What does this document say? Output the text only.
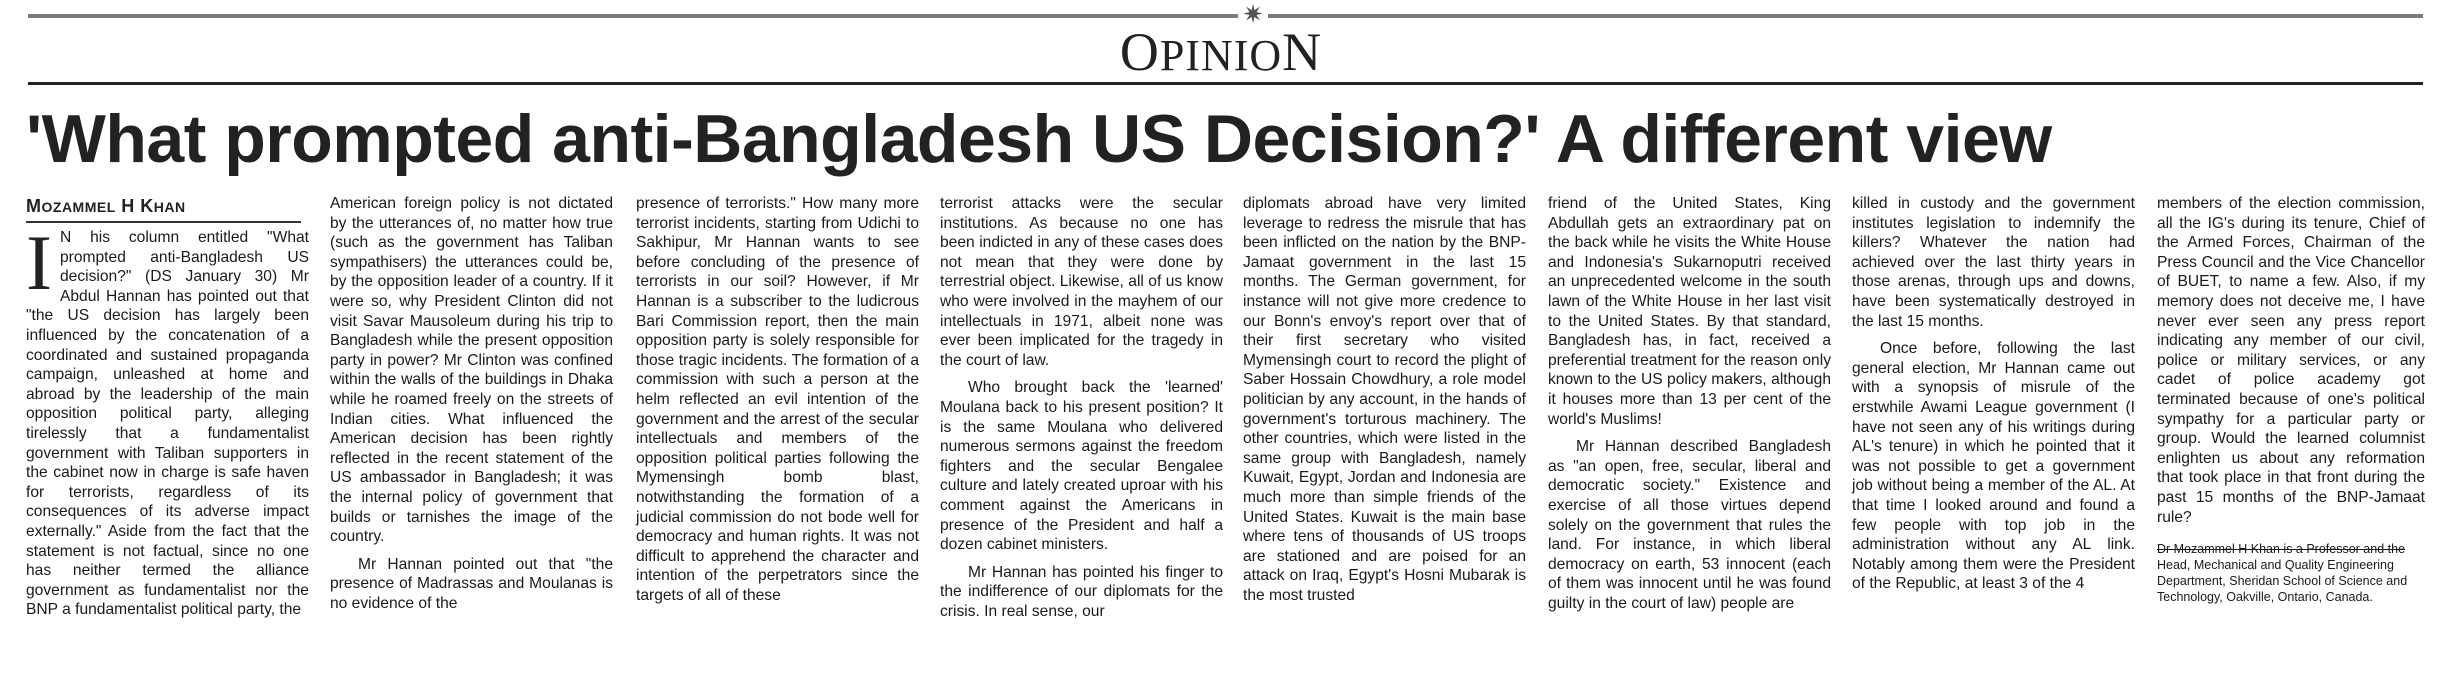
✷
OPINION
'What prompted anti-Bangladesh US Decision?' A different view
MOZAMMEL H KHAN

I N his column entitled "What prompted anti-Bangladesh US decision?" (DS January 30) Mr Abdul Hannan has pointed out that "the US decision has largely been influenced by the concatenation of a coordinated and sustained propaganda campaign, unleashed at home and abroad by the leadership of the main opposition political party, alleging tirelessly that a fundamentalist government with Taliban supporters in the cabinet now in charge is safe haven for terrorists, regardless of its consequences of its adverse impact externally." Aside from the fact that the statement is not factual, since no one has neither termed the alliance government as fundamentalist nor the BNP a fundamentalist political party, the

American foreign policy is not dictated by the utterances of, no matter how true (such as the government has Taliban sympathisers) the utterances could be, by the opposition leader of a country. If it were so, why President Clinton did not visit Savar Mausoleum during his trip to Bangladesh while the present opposition party in power? Mr Clinton was confined within the walls of the buildings in Dhaka while he roamed freely on the streets of Indian cities. What influenced the American decision has been rightly reflected in the recent statement of the US ambassador in Bangladesh; it was the internal policy of government that builds or tarnishes the image of the country.

Mr Hannan pointed out that "the presence of Madrassas and Moulanas is no evidence of the

presence of terrorists." How many more terrorist incidents, starting from Udichi to Sakhipur, Mr Hannan wants to see before concluding of the presence of terrorists in our soil? However, if Mr Hannan is a subscriber to the ludicrous Bari Commission report, then the main opposition party is solely responsible for those tragic incidents. The formation of a commission with such a person at the helm reflected an evil intention of the government and the arrest of the secular intellectuals and members of the opposition political parties following the Mymensingh bomb blast, notwithstanding the formation of a judicial commission do not bode well for democracy and human rights. It was not difficult to apprehend the character and intention of the perpetrators since the targets of all of these

terrorist attacks were the secular institutions. As because no one has been indicted in any of these cases does not mean that they were done by terrestrial object. Likewise, all of us know who were involved in the mayhem of our intellectuals in 1971, albeit none was ever been implicated for the tragedy in the court of law.

Who brought back the 'learned' Moulana back to his present position? It is the same Moulana who delivered numerous sermons against the freedom fighters and the secular Bengalee culture and lately created uproar with his comment against the Americans in presence of the President and half a dozen cabinet ministers.

Mr Hannan has pointed his finger to the indifference of our diplomats for the crisis. In real sense, our

diplomats abroad have very limited leverage to redress the misrule that has been inflicted on the nation by the BNP-Jamaat government in the last 15 months. The German government, for instance will not give more credence to our Bonn's envoy's report over that of their first secretary who visited Mymensingh court to record the plight of Saber Hossain Chowdhury, a role model politician by any account, in the hands of government's torturous machinery. The other countries, which were listed in the same group with Bangladesh, namely Kuwait, Egypt, Jordan and Indonesia are much more than simple friends of the United States. Kuwait is the main base where tens of thousands of US troops are stationed and are poised for an attack on Iraq, Egypt's Hosni Mubarak is the most trusted

friend of the United States, King Abdullah gets an extraordinary pat on the back while he visits the White House and Indonesia's Sukarnoputri received an unprecedented welcome in the south lawn of the White House in her last visit to the United States. By that standard, Bangladesh has, in fact, received a preferential treatment for the reason only known to the US policy makers, although it houses more than 13 per cent of the world's Muslims!

Mr Hannan described Bangladesh as "an open, free, secular, liberal and democratic society." Existence and exercise of all those virtues depend solely on the government that rules the land. For instance, in which liberal democracy on earth, 53 innocent (each of them was innocent until he was found guilty in the court of law) people are

killed in custody and the government institutes legislation to indemnify the killers? Whatever the nation had achieved over the last thirty years in those arenas, through ups and downs, have been systematically destroyed in the last 15 months.

Once before, following the last general election, Mr Hannan came out with a synopsis of misrule of the erstwhile Awami League government (I have not seen any of his writings during AL's tenure) in which he pointed that it was not possible to get a government job without being a member of the AL. At that time I looked around and found a few people with top job in the administration without any AL link. Notably among them were the President of the Republic, at least 3 of the 4

members of the election commission, all the IG's during its tenure, Chief of the Armed Forces, Chairman of the Press Council and the Vice Chancellor of BUET, to name a few. Also, if my memory does not deceive me, I have never ever seen any press report indicating any member of our civil, police or military services, or any cadet of police academy got terminated because of one's political sympathy for a particular party or group. Would the learned columnist enlighten us about any reformation that took place in that front during the past 15 months of the BNP-Jamaat rule?

Dr Mozammel H Khan is a Professor and the Head, Mechanical and Quality Engineering Department, Sheridan School of Science and Technology, Oakville, Ontario, Canada.
